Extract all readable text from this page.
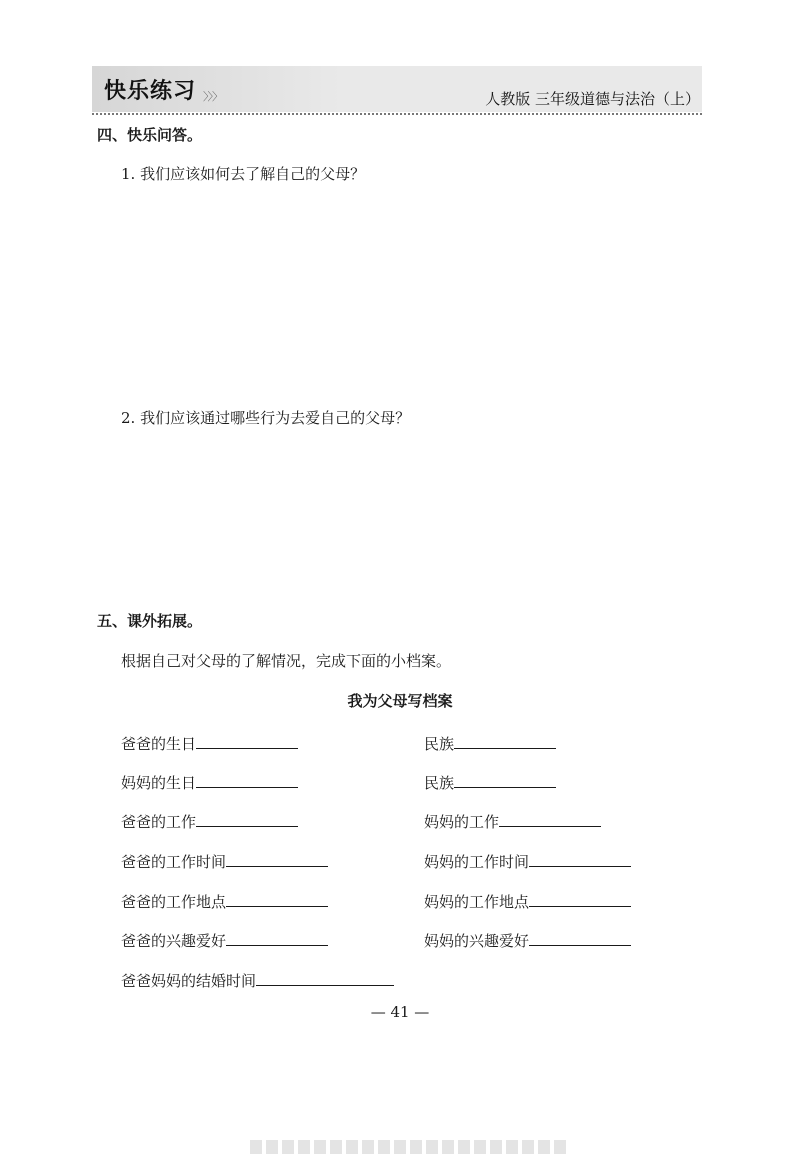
快乐练习 〉〉〉	人教版 三年级道德与法治（上）
四、快乐问答。
1. 我们应该如何去了解自己的父母？
2. 我们应该通过哪些行为去爱自己的父母？
五、课外拓展。
根据自己对父母的了解情况，完成下面的小档案。
我为父母写档案
爸爸的生日
妈妈的生日
爸爸的工作
爸爸的工作时间
爸爸的工作地点
爸爸的兴趣爱好
爸爸妈妈的结婚时间
民族
民族
妈妈的工作
妈妈的工作时间
妈妈的工作地点
妈妈的兴趣爱好
— 41 —
